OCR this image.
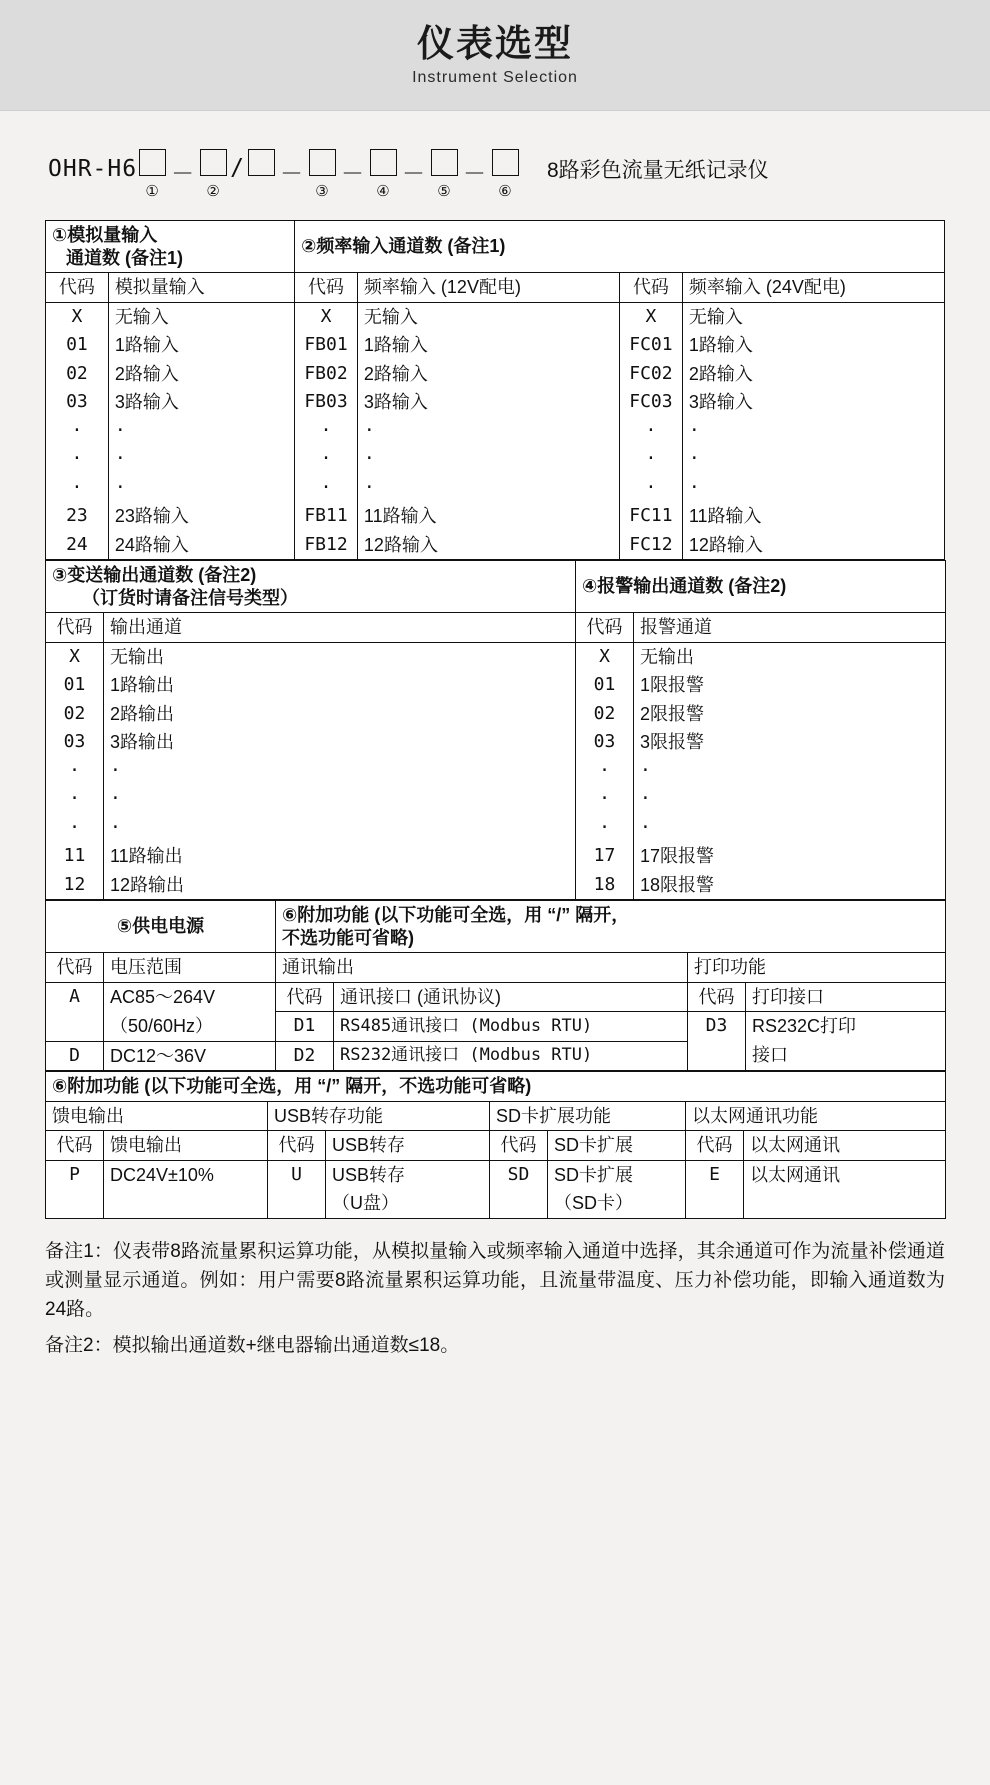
仪表选型
Instrument Selection
OHR-H6
①
－
②
/ －
③
－
④
－
⑤
－
⑥
8路彩色流量无纸记录仪
①模拟量输入
通道数 (备注1)		②频率输入通道数 (备注1)			
代码	模拟量输入	代码	频率输入 (12V配电)	代码	频率输入 (24V配电)
X	无输入	X	无输入	X	无输入
01	1路输入	FB01	1路输入	FC01	1路输入
02	2路输入	FB02	2路输入	FC02	2路输入
03	3路输入	FB03	3路输入	FC03	3路输入
·	·	·	·	·	·
·	·	·	·	·	·
·	·	·	·	·	·
23	23路输入	FB11	11路输入	FC11	11路输入
24	24路输入	FB12	12路输入	FC12	12路输入
③变送输出通道数 (备注2)
（订货时请备注信号类型）		④报警输出通道数 (备注2)	
代码	输出通道	代码	报警通道
X	无输出	X	无输出
01	1路输出	01	1限报警
02	2路输出	02	2限报警
03	3路输出	03	3限报警
·	·	·	·
·	·	·	·
·	·	·	·
11	11路输出	17	17限报警
12	12路输出	18	18限报警
⑤供电电源		⑥附加功能 (以下功能可全选，用 “/” 隔开，
不选功能可省略)			

代码	电压范围	通讯输出		打印功能	
A	AC85～264V	代码	通讯接口 (通讯协议)	代码	打印接口
	（50/60Hz）	D1	RS485通讯接口 (Modbus RTU)	D3	RS232C打印
D	DC12～36V	D2	RS232通讯接口 (Modbus RTU)		接口
⑥附加功能 (以下功能可全选，用 “/” 隔开，不选功能可省略)							
馈电输出		USB转存功能		SD卡扩展功能		以太网通讯功能	
代码	馈电输出	代码	USB转存	代码	SD卡扩展	代码	以太网通讯
P	DC24V±10%	U	USB转存	SD	SD卡扩展	E	以太网通讯
			（U盘）		（SD卡）		

备注1：仪表带8路流量累积运算功能，从模拟量输入或频率输入通道中选择，其余通道可作为流量补偿通道或测量显示通道。例如：用户需要8路流量累积运算功能，且流量带温度、压力补偿功能，即输入通道数为24路。

备注2：模拟输出通道数+继电器输出通道数≤18。
